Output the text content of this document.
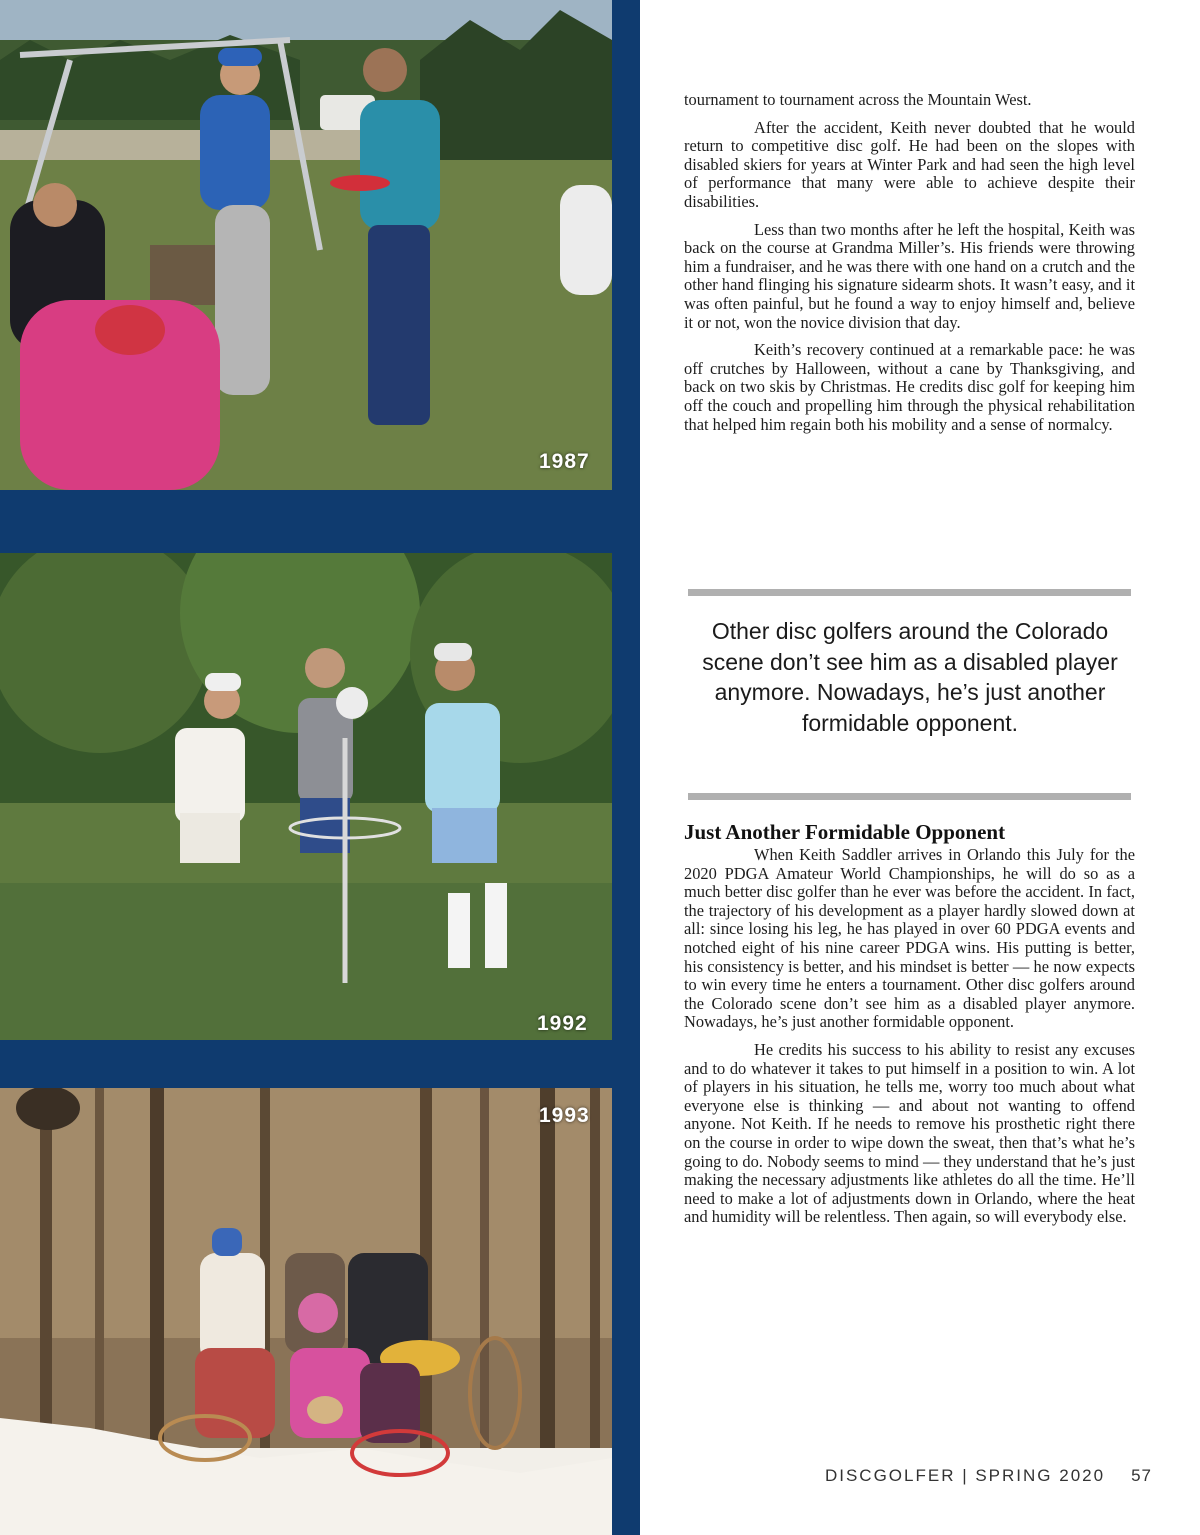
1987
1992
1993

tournament to tournament across the Mountain West.

After the accident, Keith never doubted that he would return to competitive disc golf. He had been on the slopes with disabled skiers for years at Winter Park and had seen the high level of performance that many were able to achieve despite their disabilities.

Less than two months after he left the hospital, Keith was back on the course at Grandma Miller’s. His friends were throwing him a fundraiser, and he was there with one hand on a crutch and the other hand flinging his signature sidearm shots. It wasn’t easy, and it was often painful, but he found a way to enjoy himself and, believe it or not, won the novice division that day.

Keith’s recovery continued at a remarkable pace: he was off crutches by Halloween, without a cane by Thanksgiving, and back on two skis by Christmas. He credits disc golf for keeping him off the couch and propelling him through the physical rehabilitation that helped him regain both his mobility and a sense of normalcy.

Other disc golfers around the Colorado scene don’t see him as a disabled player anymore. Nowadays, he’s just another formidable opponent.
Just Another Formidable Opponent

When Keith Saddler arrives in Orlando this July for the 2020 PDGA Amateur World Championships, he will do so as a much better disc golfer than he ever was before the accident. In fact, the trajectory of his development as a player hardly slowed down at all: since losing his leg, he has played in over 60 PDGA events and notched eight of his nine career PDGA wins. His putting is better, his consistency is better, and his mindset is better — he now expects to win every time he enters a tournament. Other disc golfers around the Colorado scene don’t see him as a disabled player anymore. Nowadays, he’s just another formidable opponent.

He credits his success to his ability to resist any excuses and to do whatever it takes to put himself in a position to win. A lot of players in his situation, he tells me, worry too much about what everyone else is thinking — and about not wanting to offend anyone. Not Keith. If he needs to remove his prosthetic right there on the course in order to wipe down the sweat, then that’s what he’s going to do. Nobody seems to mind — they understand that he’s just making the necessary adjustments like athletes do all the time. He’ll need to make a lot of adjustments down in Orlando, where the heat and humidity will be relentless. Then again, so will everybody else.

DISCGOLFER | SPRING 2020 57
